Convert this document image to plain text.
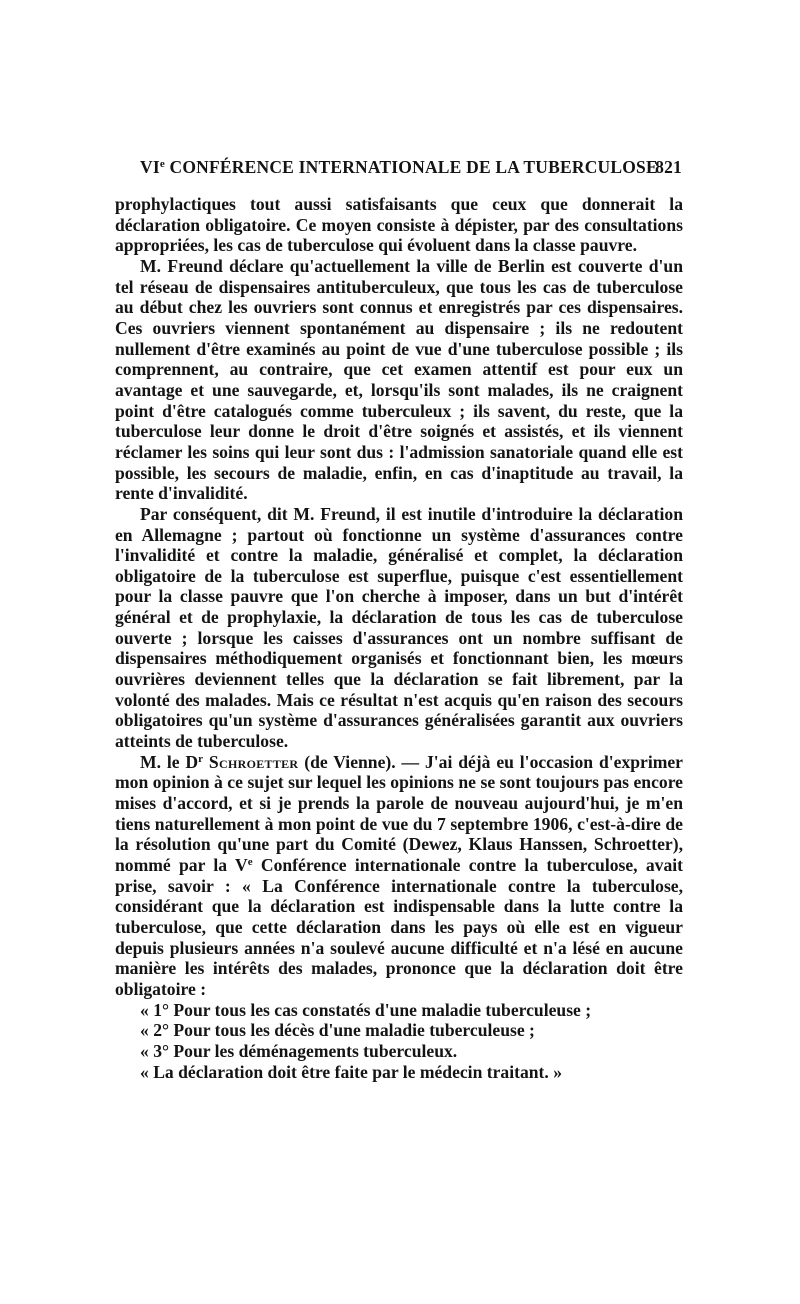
VIe CONFÉRENCE INTERNATIONALE DE LA TUBERCULOSE
821

prophylactiques tout aussi satisfaisants que ceux que donnerait la déclaration obligatoire. Ce moyen consiste à dépister, par des consultations appropriées, les cas de tuberculose qui évoluent dans la classe pauvre.

M. Freund déclare qu'actuellement la ville de Berlin est couverte d'un tel réseau de dispensaires antituberculeux, que tous les cas de tuberculose au début chez les ouvriers sont connus et enregistrés par ces dispensaires. Ces ouvriers viennent spontanément au dispensaire ; ils ne redoutent nullement d'être examinés au point de vue d'une tuberculose possible ; ils comprennent, au contraire, que cet examen attentif est pour eux un avantage et une sauvegarde, et, lorsqu'ils sont malades, ils ne craignent point d'être catalogués comme tuberculeux ; ils savent, du reste, que la tuberculose leur donne le droit d'être soignés et assistés, et ils viennent réclamer les soins qui leur sont dus : l'admission sanatoriale quand elle est possible, les secours de maladie, enfin, en cas d'inaptitude au travail, la rente d'invalidité.

Par conséquent, dit M. Freund, il est inutile d'introduire la déclaration en Allemagne ; partout où fonctionne un système d'assurances contre l'invalidité et contre la maladie, généralisé et complet, la déclaration obligatoire de la tuberculose est superflue, puisque c'est essentiellement pour la classe pauvre que l'on cherche à imposer, dans un but d'intérêt général et de prophylaxie, la déclaration de tous les cas de tuberculose ouverte ; lorsque les caisses d'assurances ont un nombre suffisant de dispensaires méthodiquement organisés et fonctionnant bien, les mœurs ouvrières deviennent telles que la déclaration se fait librement, par la volonté des malades. Mais ce résultat n'est acquis qu'en raison des secours obligatoires qu'un système d'assurances généralisées garantit aux ouvriers atteints de tuberculose.

M. le $D^r$ Schroetter (de Vienne). — J'ai déjà eu l'occasion d'exprimer mon opinion à ce sujet sur lequel les opinions ne se sont toujours pas encore mises d'accord, et si je prends la parole de nouveau aujourd'hui, je m'en tiens naturellement à mon point de vue du 7 septembre 1906, c'est-à-dire de la résolution qu'une part du Comité (Dewez, Klaus Hanssen, Schroetter), nommé par la Ve Conférence internationale contre la tuberculose, avait prise, savoir : « La Conférence internationale contre la tuberculose, considérant que la déclaration est indispensable dans la lutte contre la tuberculose, que cette déclaration dans les pays où elle est en vigueur depuis plusieurs années n'a soulevé aucune difficulté et n'a lésé en aucune manière les intérêts des malades, prononce que la déclaration doit être obligatoire :

« 1° Pour tous les cas constatés d'une maladie tuberculeuse ;

« 2° Pour tous les décès d'une maladie tuberculeuse ;

« 3° Pour les déménagements tuberculeux.

« La déclaration doit être faite par le médecin traitant. »
